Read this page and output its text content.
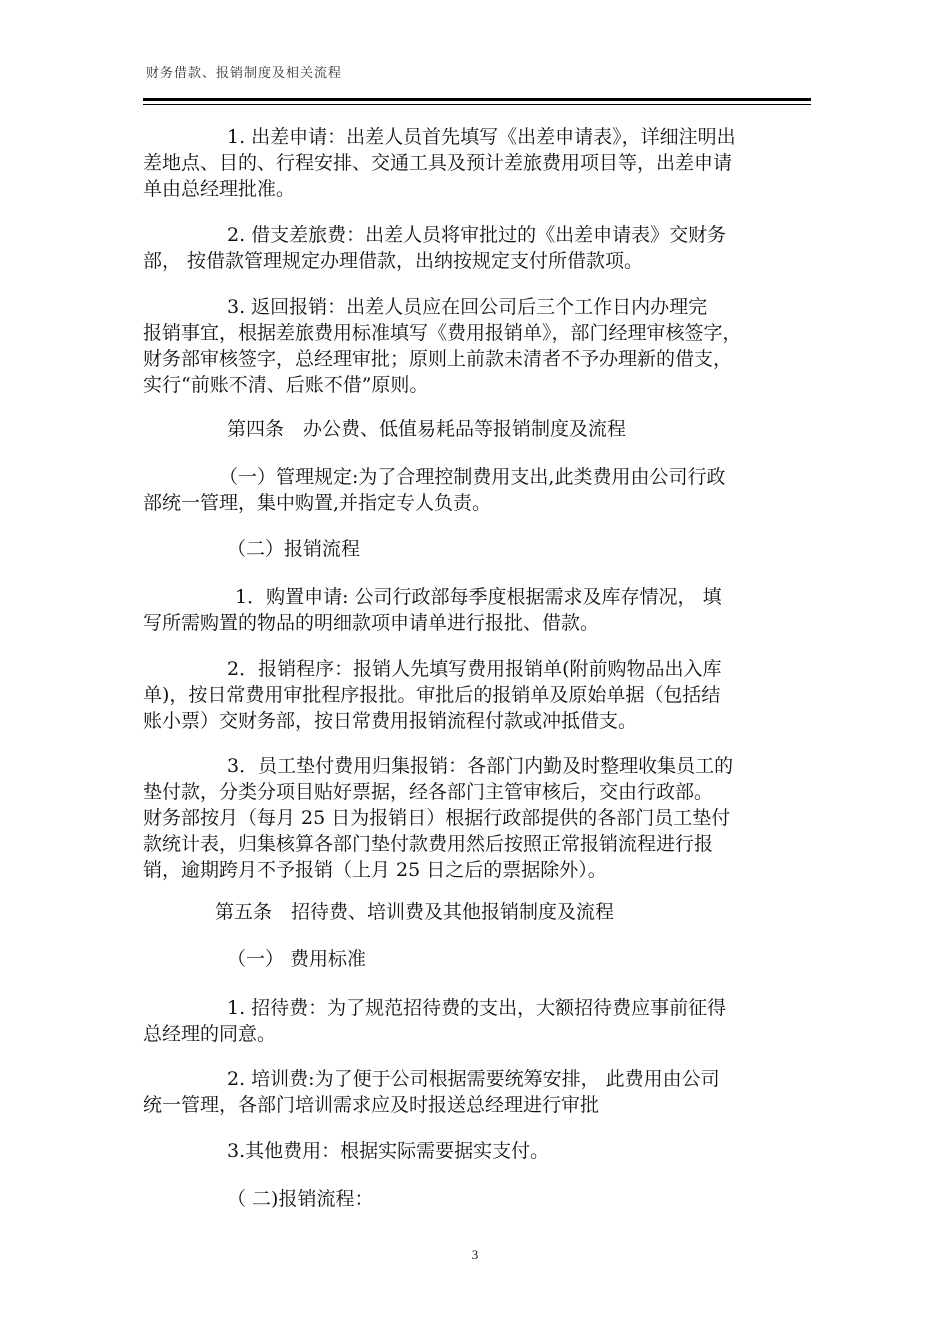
财务借款、报销制度及相关流程
1. 出差申请：出差人员首先填写《出差申请表》，详细注明出
差地点、目的、行程安排、交通工具及预计差旅费用项目等，出差申请
单由总经理批准。
2. 借支差旅费：出差人员将审批过的《出差申请表》交财务
部， 按借款管理规定办理借款，出纳按规定支付所借款项。
3. 返回报销：出差人员应在回公司后三个工作日内办理完
报销事宜，根据差旅费用标准填写《费用报销单》，部门经理审核签字，
财务部审核签字，总经理审批；原则上前款未清者不予办理新的借支，
实行“前账不清、后账不借”原则。
第四条　办公费、低值易耗品等报销制度及流程
（一）管理规定:为了合理控制费用支出,此类费用由公司行政
部统一管理，集中购置,并指定专人负责。
（二）报销流程
1．购置申请: 公司行政部每季度根据需求及库存情况， 填
写所需购置的物品的明细款项申请单进行报批、借款。
2．报销程序：报销人先填写费用报销单(附前购物品出入库
单)，按日常费用审批程序报批。审批后的报销单及原始单据（包括结
账小票）交财务部，按日常费用报销流程付款或冲抵借支。
3．员工垫付费用归集报销：各部门内勤及时整理收集员工的
垫付款，分类分项目贴好票据，经各部门主管审核后，交由行政部。
财务部按月（每月 25 日为报销日）根据行政部提供的各部门员工垫付
款统计表，归集核算各部门垫付款费用然后按照正常报销流程进行报
销，逾期跨月不予报销（上月 25 日之后的票据除外）。
第五条　招待费、培训费及其他报销制度及流程
（一） 费用标准
1. 招待费：为了规范招待费的支出，大额招待费应事前征得
总经理的同意。
2. 培训费:为了便于公司根据需要统筹安排， 此费用由公司
统一管理，各部门培训需求应及时报送总经理进行审批
3.其他费用：根据实际需要据实支付。
（ 二)报销流程：
3
